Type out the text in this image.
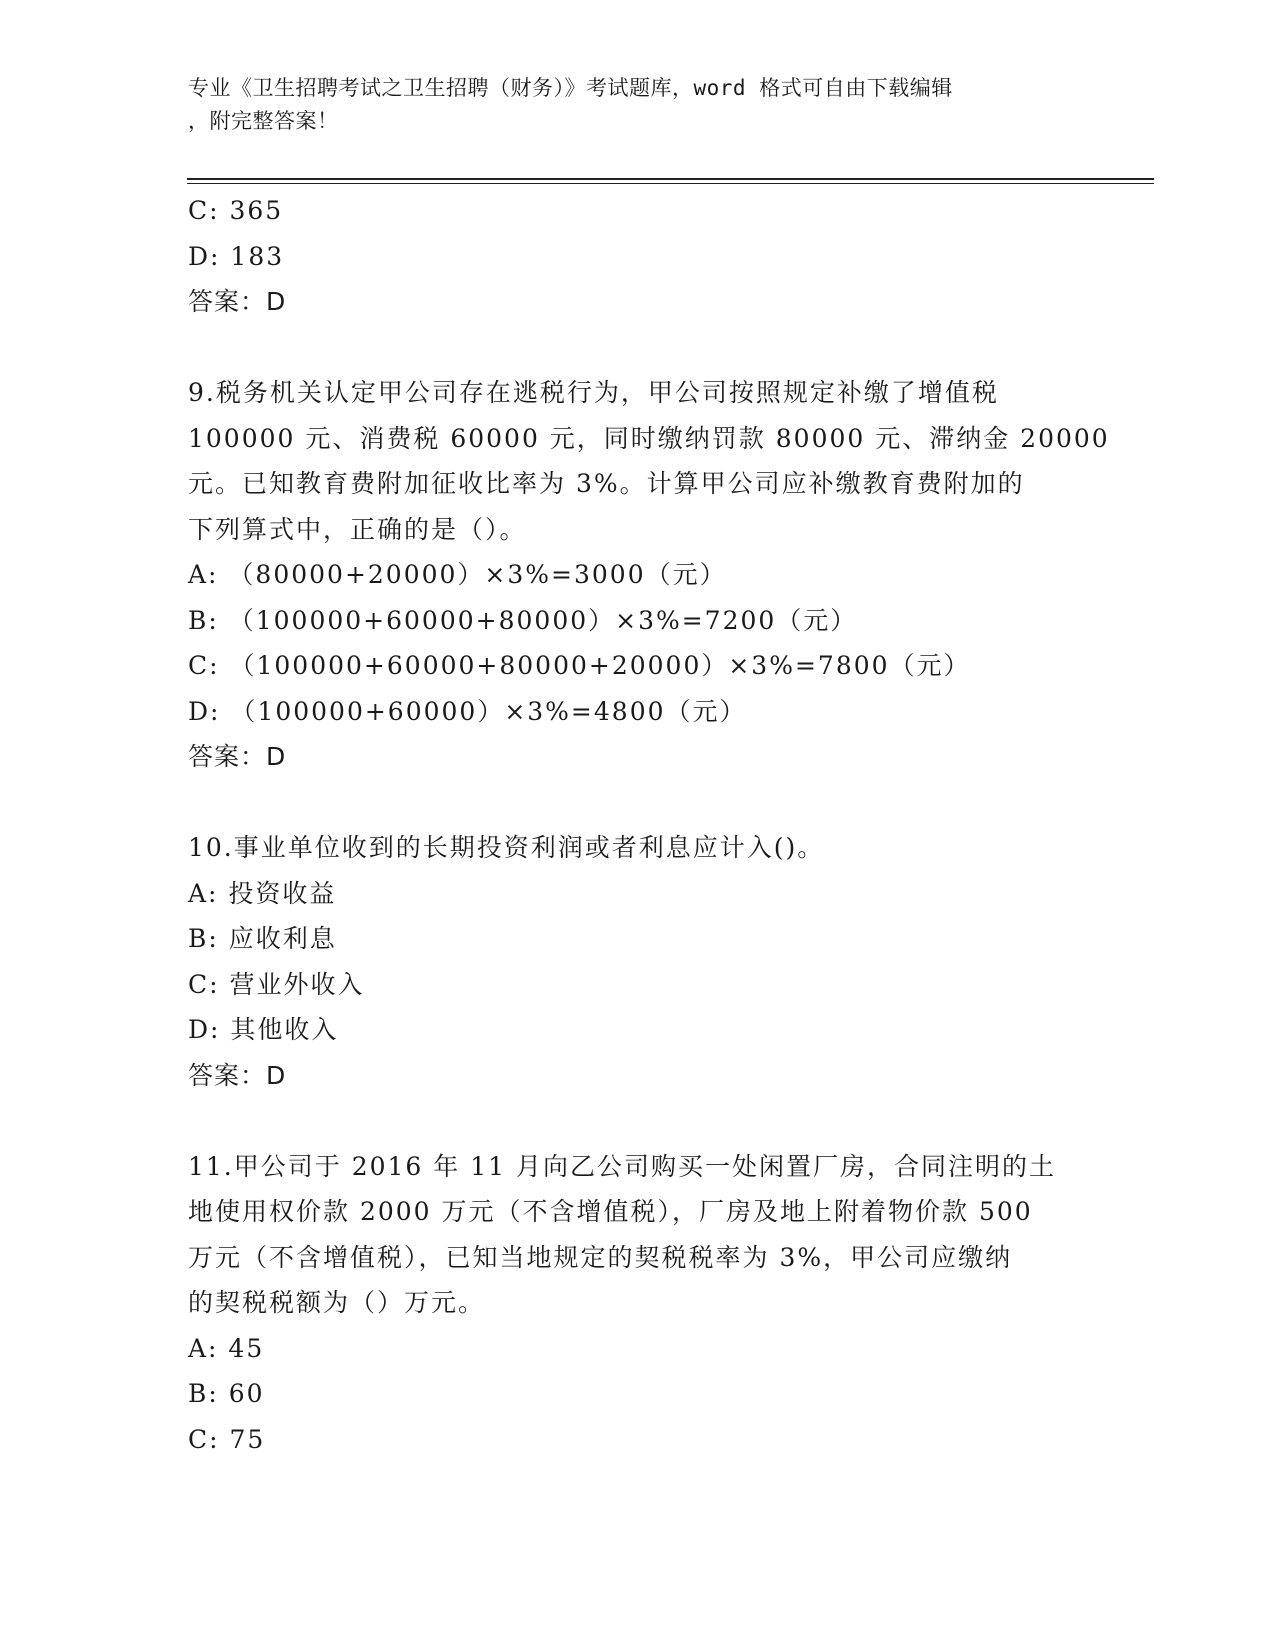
专业《卫生招聘考试之卫生招聘（财务）》考试题库，word 格式可自由下载编辑
，附完整答案！
C: 365
D: 183
答案：D
9.税务机关认定甲公司存在逃税行为，甲公司按照规定补缴了增值税
100000 元、消费税 60000 元，同时缴纳罚款 80000 元、滞纳金 20000
元。已知教育费附加征收比率为 3%。计算甲公司应补缴教育费附加的
下列算式中，正确的是（）。
A: （80000+20000）×3%=3000（元）
B: （100000+60000+80000）×3%=7200（元）
C: （100000+60000+80000+20000）×3%=7800（元）
D: （100000+60000）×3%=4800（元）
答案：D
10.事业单位收到的长期投资利润或者利息应计入()。
A: 投资收益
B: 应收利息
C: 营业外收入
D: 其他收入
答案：D
11.甲公司于 2016 年 11 月向乙公司购买一处闲置厂房，合同注明的土
地使用权价款 2000 万元（不含增值税），厂房及地上附着物价款 500
万元（不含增值税），已知当地规定的契税税率为 3%，甲公司应缴纳
的契税税额为（）万元。
A: 45
B: 60
C: 75
